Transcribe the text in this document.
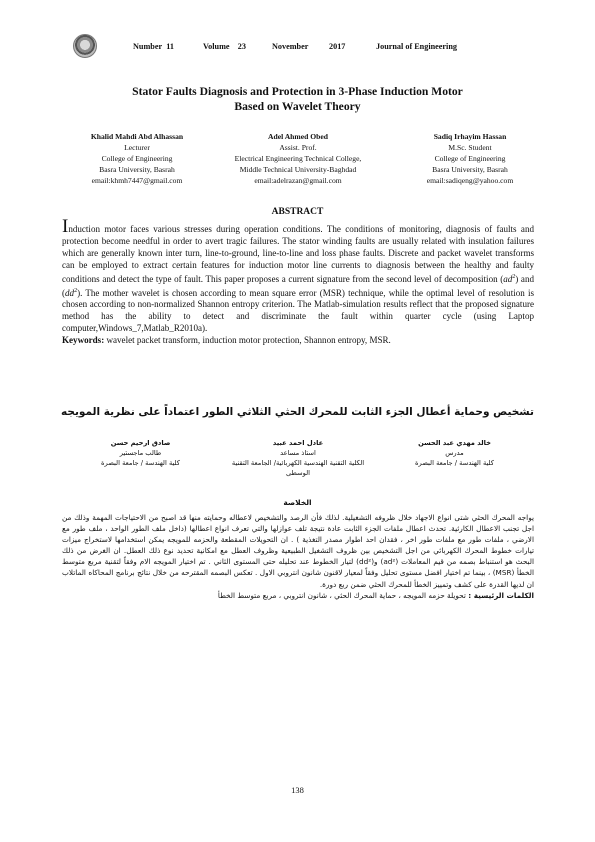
Number 11	Volume 23	November	2017	Journal of Engineering
Stator Faults Diagnosis and Protection in 3-Phase Induction Motor
Based on Wavelet Theory
Khalid Mahdi Abd Alhassan
Lecturer
College of Engineering
Basra University, Basrah
email:khmh7447@gmail.com
Adel Ahmed Obed
Assist. Prof.
Electrical Engineering Technical College,
Middle Technical University-Baghdad
email:adelrazan@gmail.com
Sadiq Irhayim Hassan
M.Sc. Student
College of Engineering
Basra University, Basrah
email:sadiqeng@yahoo.com
ABSTRACT

Induction motor faces various stresses during operation conditions. The conditions of monitoring, diagnosis of faults and protection become needful in order to avert tragic failures. The stator winding faults are usually related with insulation failures which are generally known inter turn, line-to-ground, line-to-line and loss phase faults. Discrete and packet wavelet transforms can be employed to extract certain features for induction motor line currents to diagnosis between the healthy and faulty conditions and detect the type of fault. This paper proposes a current signature from the second level of decomposition $(ad^2)$ and $(dd^2)$. The mother wavelet is chosen according to mean square error (MSR) technique, while the optimal level of resolution is chosen according to non-normalized Shannon entropy criterion. The Matlab-simulation results reflect that the proposed signature method has the ability to detect and discriminate the fault within quarter cycle (using Laptop computer,Windows_7,Matlab_R2010a).

Keywords: wavelet packet transform, induction motor protection, Shannon entropy, MSR.

تشخيص وحماية أعطال الجزء الثابت للمحرك الحثي الثلاثي الطور اعتماداً على نظرية المويجه
خالد مهدي عبد الحسن
مدرس
كلية الهندسة / جامعة البصرة
عادل احمد عبيد
استاذ مساعد
الكلية التقنية الهندسية الكهربائية/ الجامعة التقنية
الوسطى
صادق ارحيم حسن
طالب ماجستير
كلية الهندسة / جامعة البصرة
الخلاصة
يواجه المحرك الحثي شتى انواع الاجهاد خلال ظروفه التشغيلية. لذلك فأن الرصد والتشخيص لاعطاله وحمايته منها قد اصبح من الاحتياجات المهمة وذلك من اجل تجنب الاعطال الكارثية. تحدث اعطال ملفات الجزء الثابت عادة نتيجة تلف عوازلها والتي تعرف انواع اعطالها (داخل ملف الطور الواحد ، ملف طور مع الارضي ، ملفات طور مع ملفات طور اخر ، فقدان احد اطوار مصدر التغذية ) . ان التحويلات المقطعة والحزمه للمويجه يمكن استخدامها لاستخراج ميزات تيارات خطوط المحرك الكهربائي من اجل التشخيص بين ظروف التشغيل الطبيعية وظروف العطل مع امكانية تحديد نوع ذلك العطل. ان الغرض من ذلك البحث هو استنباط بصمه من قيم المعاملات (ad²) و(dd²) لتيار الخطوط عند تحليله حتى المستوى الثاني . تم اختيار المويجه الام وفقاً لتقنية مربع متوسط الخطأ (MSR) ، بينما تم اختيار افضل مستوى تحليل وفقاً لمعيار لاقنون شانون انتروبي الاول . تعكس البصمه المقترحه من خلال نتائج برنامج المحاكاه الماتلاب ان لديها القدرة على كشف وتمييز الخطأ للمحرك الحثي ضمن ربع دورة.
الكلمات الرئيسية : تحويلة حزمه المويجه ، حماية المحرك الحثي ، شانون انتروبي ، مربع متوسط الخطأ
138
